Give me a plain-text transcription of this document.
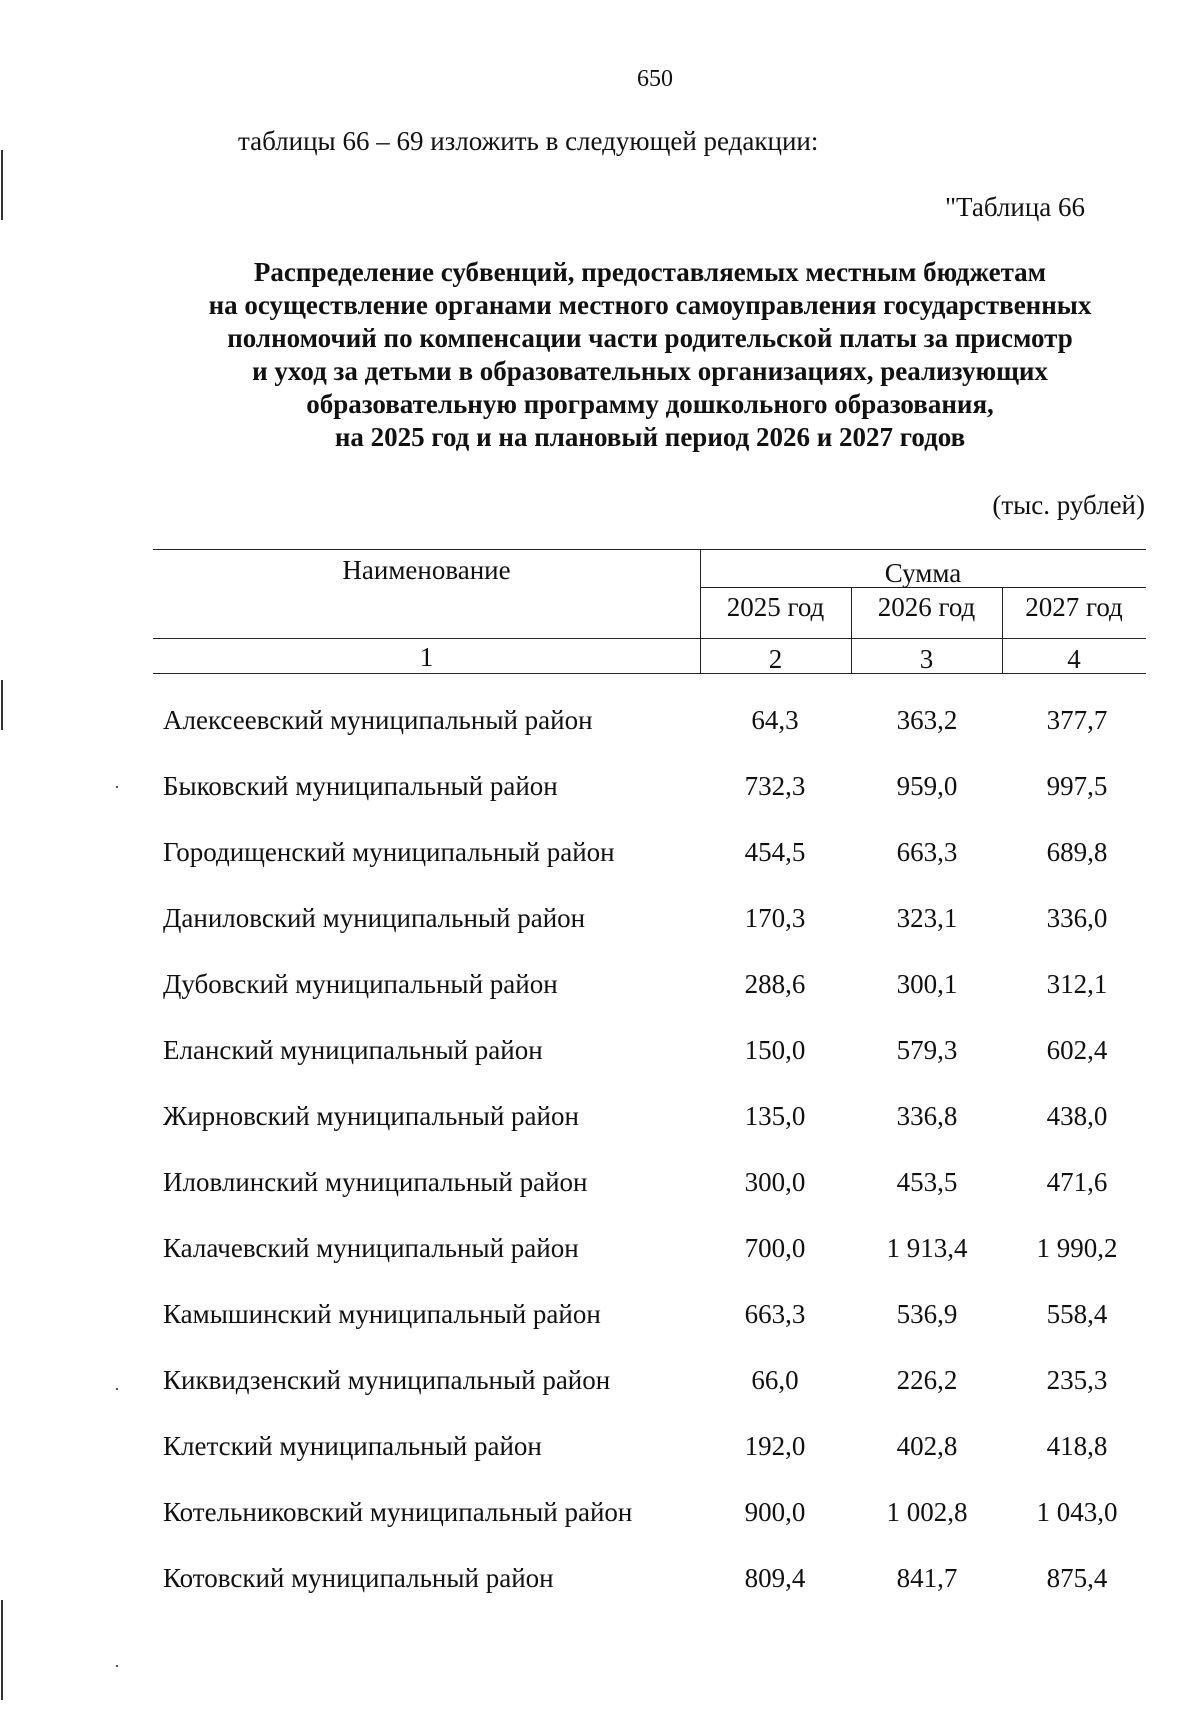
650
таблицы 66 – 69 изложить в следующей редакции:
"Таблица 66
Распределение субвенций, предоставляемых местным бюджетам
на осуществление органами местного самоуправления государственных
полномочий по компенсации части родительской платы за присмотр
и уход за детьми в образовательных организациях, реализующих
образовательную программу дошкольного образования,
на 2025 год и на плановый период 2026 и 2027 годов
(тыс. рублей)
Наименование	Сумма
2025 год	2026 год	2027 год
1	2	3	4
Алексеевский муниципальный район	64,3	363,2	377,7
Быковский муниципальный район	732,3	959,0	997,5
Городищенский муниципальный район	454,5	663,3	689,8
Даниловский муниципальный район	170,3	323,1	336,0
Дубовский муниципальный район	288,6	300,1	312,1
Еланский муниципальный район	150,0	579,3	602,4
Жирновский муниципальный район	135,0	336,8	438,0
Иловлинский муниципальный район	300,0	453,5	471,6
Калачевский муниципальный район	700,0	1 913,4	1 990,2
Камышинский муниципальный район	663,3	536,9	558,4
Киквидзенский муниципальный район	66,0	226,2	235,3
Клетский муниципальный район	192,0	402,8	418,8
Котельниковский муниципальный район	900,0	1 002,8	1 043,0
Котовский муниципальный район	809,4	841,7	875,4
